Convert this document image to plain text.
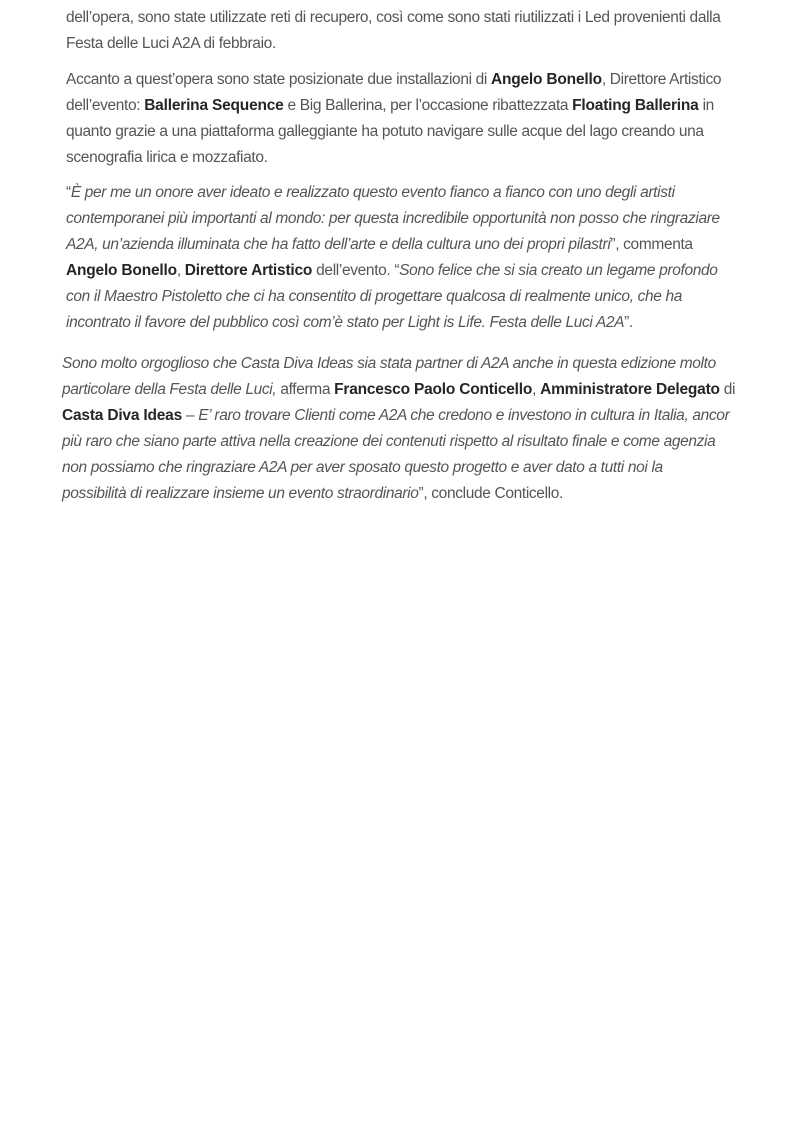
dell’opera, sono state utilizzate reti di recupero, così come sono stati riutilizzati i Led provenienti dalla
Festa delle Luci A2A di febbraio.

Accanto a quest’opera sono state posizionate due installazioni di Angelo Bonello, Direttore Artistico
dell’evento: Ballerina Sequence e Big Ballerina, per l’occasione ribattezzata Floating Ballerina in
quanto grazie a una piattaforma galleggiante ha potuto navigare sulle acque del lago creando una
scenografia lirica e mozzafiato.

“È per me un onore aver ideato e realizzato questo evento fianco a fianco con uno degli artisti
contemporanei più importanti al mondo: per questa incredibile opportunità non posso che ringraziare
A2A, un’azienda illuminata che ha fatto dell’arte e della cultura uno dei propri pilastri”, commenta
Angelo Bonello, Direttore Artistico dell’evento. “Sono felice che si sia creato un legame profondo
con il Maestro Pistoletto che ci ha consentito di progettare qualcosa di realmente unico, che ha
incontrato il favore del pubblico così com’è stato per Light is Life. Festa delle Luci A2A”.

Sono molto orgoglioso che Casta Diva Ideas sia stata partner di A2A anche in questa edizione molto
particolare della Festa delle Luci, afferma Francesco Paolo Conticello, Amministratore Delegato di
Casta Diva Ideas – E’ raro trovare Clienti come A2A che credono e investono in cultura in Italia, ancor
più raro che siano parte attiva nella creazione dei contenuti rispetto al risultato finale e come agenzia
non possiamo che ringraziare A2A per aver sposato questo progetto e aver dato a tutti noi la
possibilità di realizzare insieme un evento straordinario”, conclude Conticello.
